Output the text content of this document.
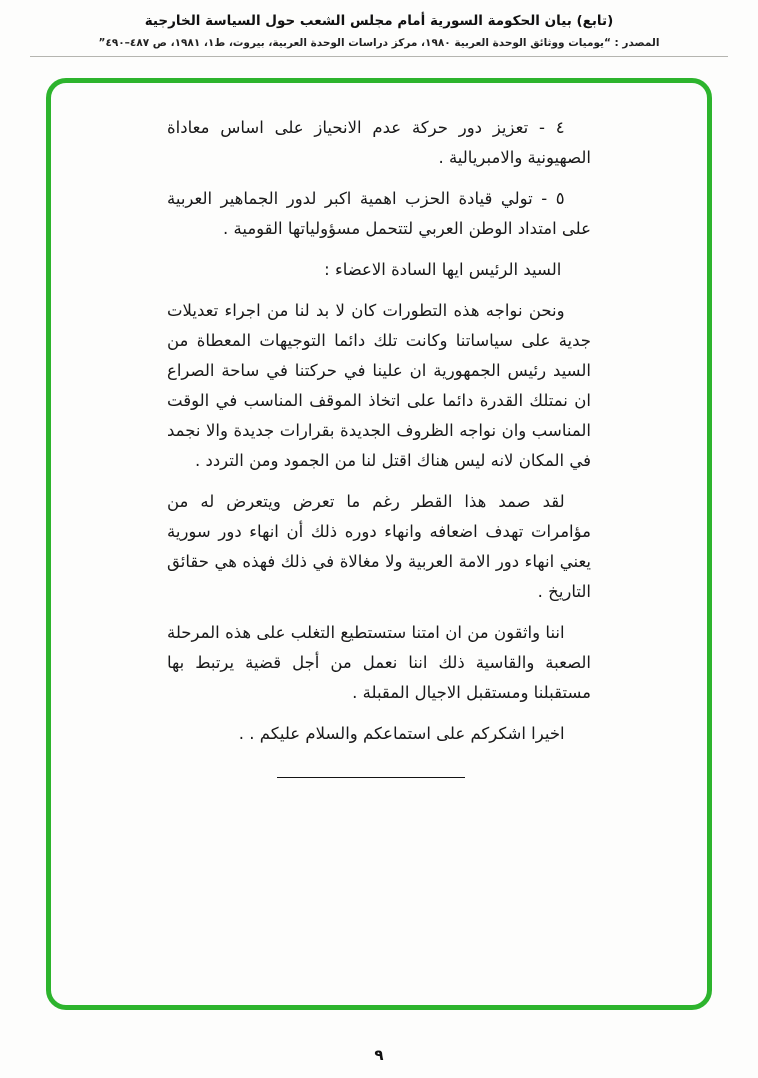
(تابع) بيان الحكومة السورية أمام مجلس الشعب حول السياسة الخارجية
المصدر : “يوميات ووثائق الوحدة العربية ١٩٨٠، مركز دراسات الوحدة العربية، بيروت، ط١، ١٩٨١، ص ٤٨٧–٤٩٠”

٤ - تعزيز دور حركة عدم الانحياز على اساس معاداة الصهيونية والامبريالية .

٥ - تولي قيادة الحزب اهمية اكبر لدور الجماهير العربية على امتداد الوطن العربي لتتحمل مسؤولياتها القومية .

السيد الرئيس ايها السادة الاعضاء :

ونحن نواجه هذه التطورات كان لا بد لنا من اجراء تعديلات جدية على سياساتنا وكانت تلك دائما التوجيهات المعطاة من السيد رئيس الجمهورية ان علينا في حركتنا في ساحة الصراع ان نمتلك القدرة دائما على اتخاذ الموقف المناسب في الوقت المناسب وان نواجه الظروف الجديدة بقرارات جديدة والا نجمد في المكان لانه ليس هناك اقتل لنا من الجمود ومن التردد .

لقد صمد هذا القطر رغم ما تعرض ويتعرض له من مؤامرات تهدف اضعافه وانهاء دوره ذلك أن انهاء دور سورية يعني انهاء دور الامة العربية ولا مغالاة في ذلك فهذه هي حقائق التاريخ .

اننا واثقون من ان امتنا ستستطيع التغلب على هذه المرحلة الصعبة والقاسية ذلك اننا نعمل من أجل قضية يرتبط بها مستقبلنا ومستقبل الاجيال المقبلة .

اخيرا اشكركم على استماعكم والسلام عليكم . .

٩
